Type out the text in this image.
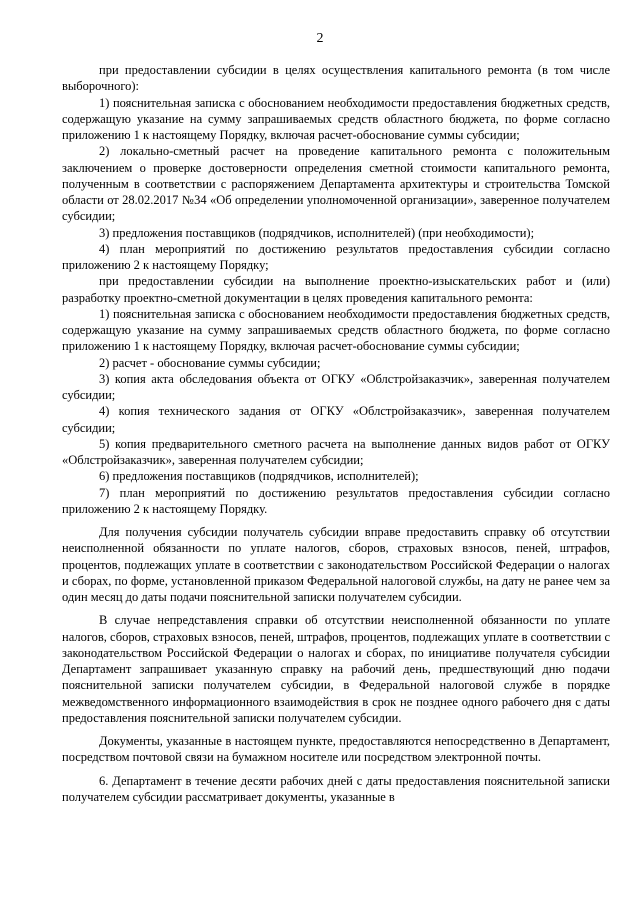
2

при предоставлении субсидии в целях осуществления капитального ремонта (в том числе выборочного):

1) пояснительная записка с обоснованием необходимости предоставления бюджетных средств, содержащую указание на сумму запрашиваемых средств областного бюджета, по форме согласно приложению 1 к настоящему Порядку, включая расчет-обоснование суммы субсидии;

2) локально-сметный расчет на проведение капитального ремонта с положительным заключением о проверке достоверности определения сметной стоимости капитального ремонта, полученным в соответствии с распоряжением Департамента архитектуры и строительства Томской области от 28.02.2017 №34 «Об определении уполномоченной организации», заверенное получателем субсидии;

3) предложения поставщиков (подрядчиков, исполнителей) (при необходимости);

4) план мероприятий по достижению результатов предоставления субсидии согласно приложению 2 к настоящему Порядку;

при предоставлении субсидии на выполнение проектно-изыскательских работ и (или) разработку проектно-сметной документации в целях проведения капитального ремонта:

1) пояснительная записка с обоснованием необходимости предоставления бюджетных средств, содержащую указание на сумму запрашиваемых средств областного бюджета, по форме согласно приложению 1 к настоящему Порядку, включая расчет-обоснование суммы субсидии;

2) расчет - обоснование суммы субсидии;

3) копия акта обследования объекта от ОГКУ «Облстройзаказчик», заверенная получателем субсидии;

4) копия технического задания от ОГКУ «Облстройзаказчик», заверенная получателем субсидии;

5) копия предварительного сметного расчета на выполнение данных видов работ от ОГКУ «Облстройзаказчик», заверенная получателем субсидии;

6) предложения поставщиков (подрядчиков, исполнителей);

7) план мероприятий по достижению результатов предоставления субсидии согласно приложению 2 к настоящему Порядку.

Для получения субсидии получатель субсидии вправе предоставить справку об отсутствии неисполненной обязанности по уплате налогов, сборов, страховых взносов, пеней, штрафов, процентов, подлежащих уплате в соответствии с законодательством Российской Федерации о налогах и сборах, по форме, установленной приказом Федеральной налоговой службы, на дату не ранее чем за один месяц до даты подачи пояснительной записки получателем субсидии.

В случае непредставления справки об отсутствии неисполненной обязанности по уплате налогов, сборов, страховых взносов, пеней, штрафов, процентов, подлежащих уплате в соответствии с законодательством Российской Федерации о налогах и сборах, по инициативе получателя субсидии Департамент запрашивает указанную справку на рабочий день, предшествующий дню подачи пояснительной записки получателем субсидии, в Федеральной налоговой службе в порядке межведомственного информационного взаимодействия в срок не позднее одного рабочего дня с даты предоставления пояснительной записки получателем субсидии.

Документы, указанные в настоящем пункте, предоставляются непосредственно в Департамент, посредством почтовой связи на бумажном носителе или посредством электронной почты.

6. Департамент в течение десяти рабочих дней с даты предоставления пояснительной записки получателем субсидии рассматривает документы, указанные в
